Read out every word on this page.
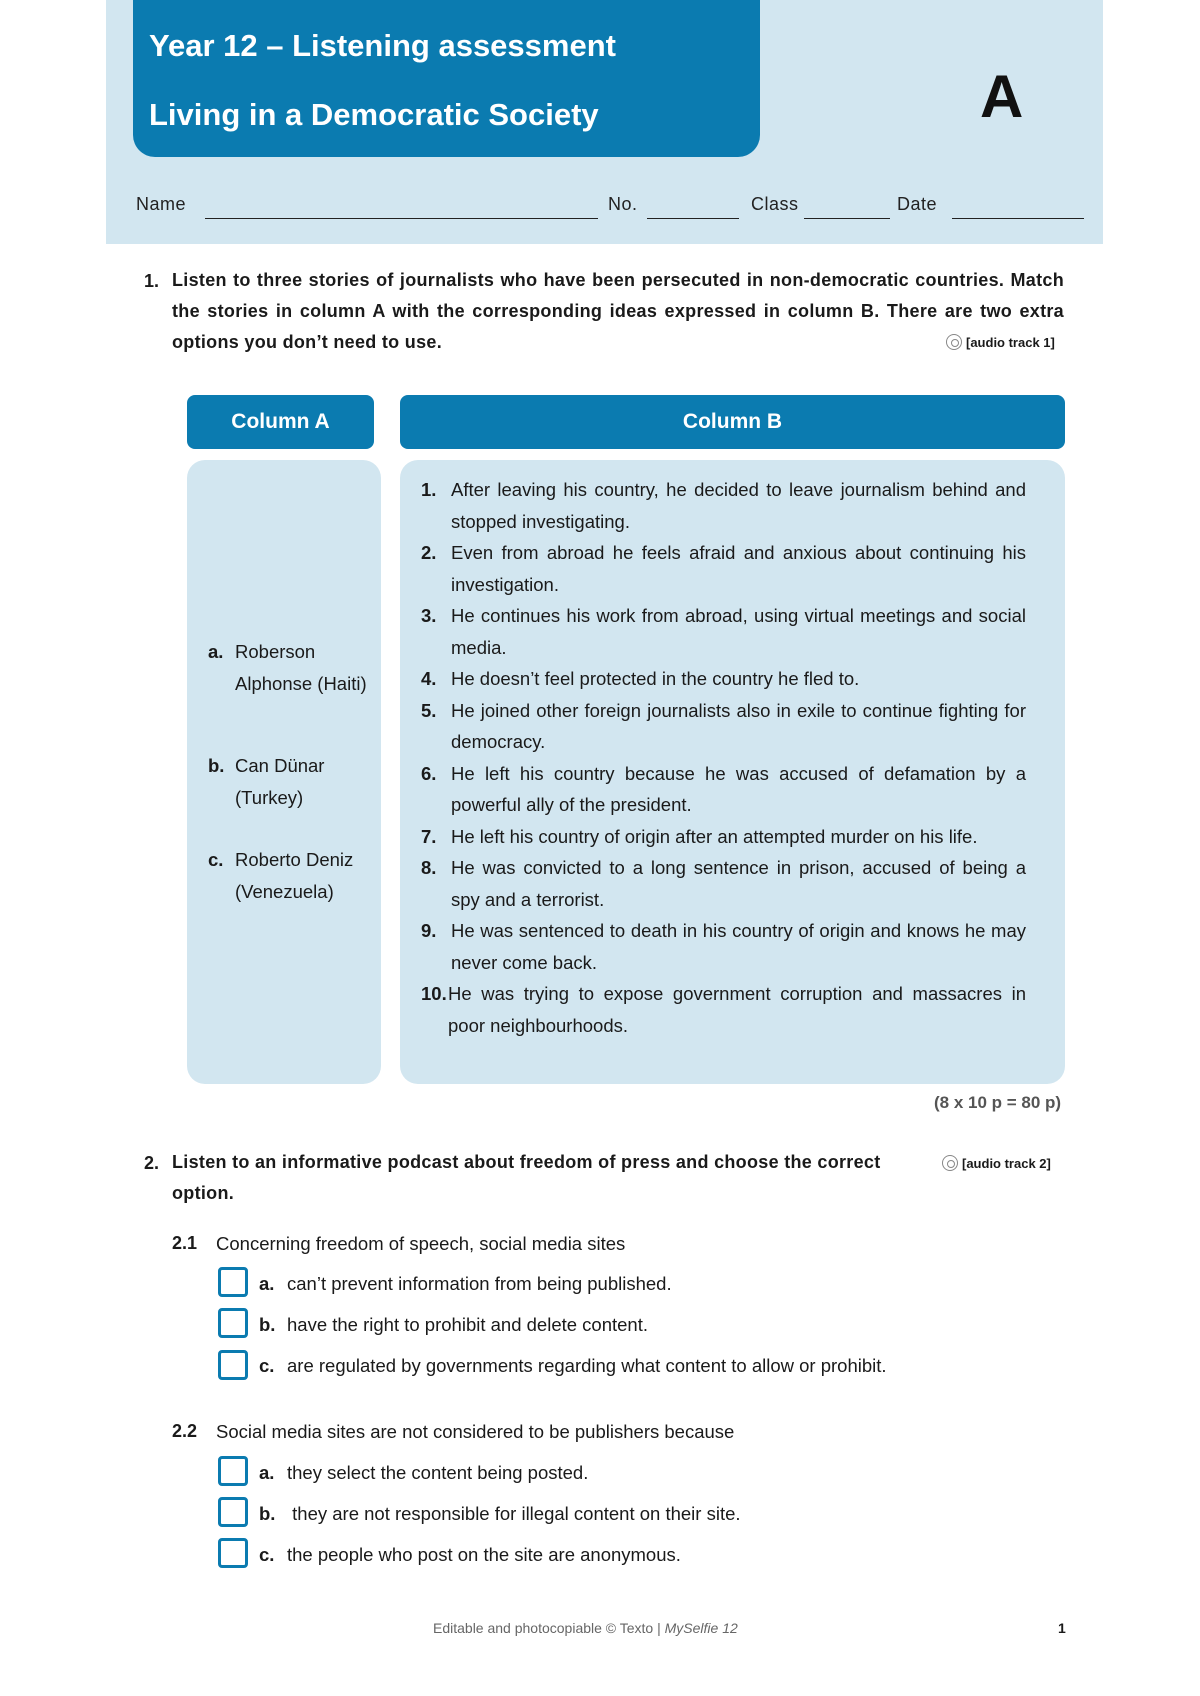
Year 12 – Listening assessment
Living in a Democratic Society	A
Name	No.	Class	Date
1. Listen to three stories of journalists who have been persecuted in non-democratic countries. Match the stories in column A with the corresponding ideas expressed in column B. There are two extra options you don’t need to use.	[audio track 1]
Column A	Column B
a. Roberson Alphonse (Haiti)
b. Can Dünar (Turkey)
c. Roberto Deniz (Venezuela)
1. After leaving his country, he decided to leave journalism behind and stopped investigating.
2. Even from abroad he feels afraid and anxious about continuing his investigation.
3. He continues his work from abroad, using virtual meetings and social media.
4. He doesn’t feel protected in the country he fled to.
5. He joined other foreign journalists also in exile to continue fighting for democracy.
6. He left his country because he was accused of defamation by a powerful ally of the president.
7. He left his country of origin after an attempted murder on his life.
8. He was convicted to a long sentence in prison, accused of being a spy and a terrorist.
9. He was sentenced to death in his country of origin and knows he may never come back.
10. He was trying to expose government corruption and massacres in poor neighbourhoods.
(8 x 10 p = 80 p)
2. Listen to an informative podcast about freedom of press and choose the correct option.
[audio track 2]
2.1 Concerning freedom of speech, social media sites
a. can’t prevent information from being published.
b. have the right to prohibit and delete content.
c. are regulated by governments regarding what content to allow or prohibit.
2.2 Social media sites are not considered to be publishers because
a. they select the content being posted.
b. they are not responsible for illegal content on their site.
c. the people who post on the site are anonymous.
Editable and photocopiable © Texto | MySelfie 12	1
